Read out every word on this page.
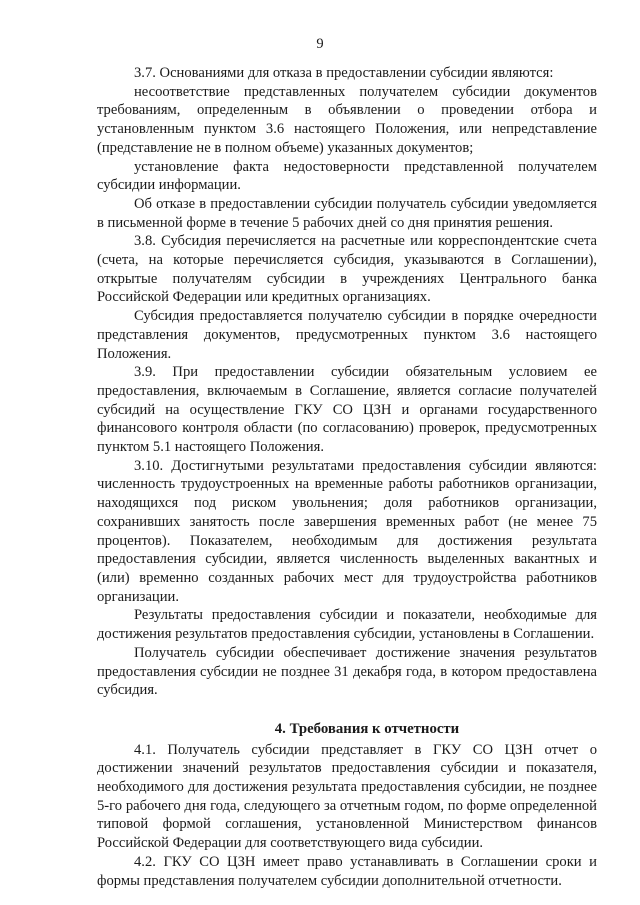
9

3.7. Основаниями для отказа в предоставлении субсидии являются:

несоответствие представленных получателем субсидии документов требованиям, определенным в объявлении о проведении отбора и установленным пунктом 3.6 настоящего Положения, или непредставление (представление не в полном объеме) указанных документов;

установление факта недостоверности представленной получателем субсидии информации.

Об отказе в предоставлении субсидии получатель субсидии уведомляется в письменной форме в течение 5 рабочих дней со дня принятия решения.

3.8. Субсидия перечисляется на расчетные или корреспондентские счета (счета, на которые перечисляется субсидия, указываются в Соглашении), открытые получателям субсидии в учреждениях Центрального банка Российской Федерации или кредитных организациях.

Субсидия предоставляется получателю субсидии в порядке очередности представления документов, предусмотренных пунктом 3.6 настоящего Положения.

3.9. При предоставлении субсидии обязательным условием ее предоставления, включаемым в Соглашение, является согласие получателей субсидий на осуществление ГКУ СО ЦЗН и органами государственного финансового контроля области (по согласованию) проверок, предусмотренных пунктом 5.1 настоящего Положения.

3.10. Достигнутыми результатами предоставления субсидии являются: численность трудоустроенных на временные работы работников организации, находящихся под риском увольнения; доля работников организации, сохранивших занятость после завершения временных работ (не менее 75 процентов). Показателем, необходимым для достижения результата предоставления субсидии, является численность выделенных вакантных и (или) временно созданных рабочих мест для трудоустройства работников организации.

Результаты предоставления субсидии и показатели, необходимые для достижения результатов предоставления субсидии, установлены в Соглашении.

Получатель субсидии обеспечивает достижение значения результатов предоставления субсидии не позднее 31 декабря года, в котором предоставлена субсидия.

4. Требования к отчетности

4.1. Получатель субсидии представляет в ГКУ СО ЦЗН отчет о достижении значений результатов предоставления субсидии и показателя, необходимого для достижения результата предоставления субсидии, не позднее 5-го рабочего дня года, следующего за отчетным годом, по форме определенной типовой формой соглашения, установленной Министерством финансов Российской Федерации для соответствующего вида субсидии.

4.2. ГКУ СО ЦЗН имеет право устанавливать в Соглашении сроки и формы представления получателем субсидии дополнительной отчетности.
